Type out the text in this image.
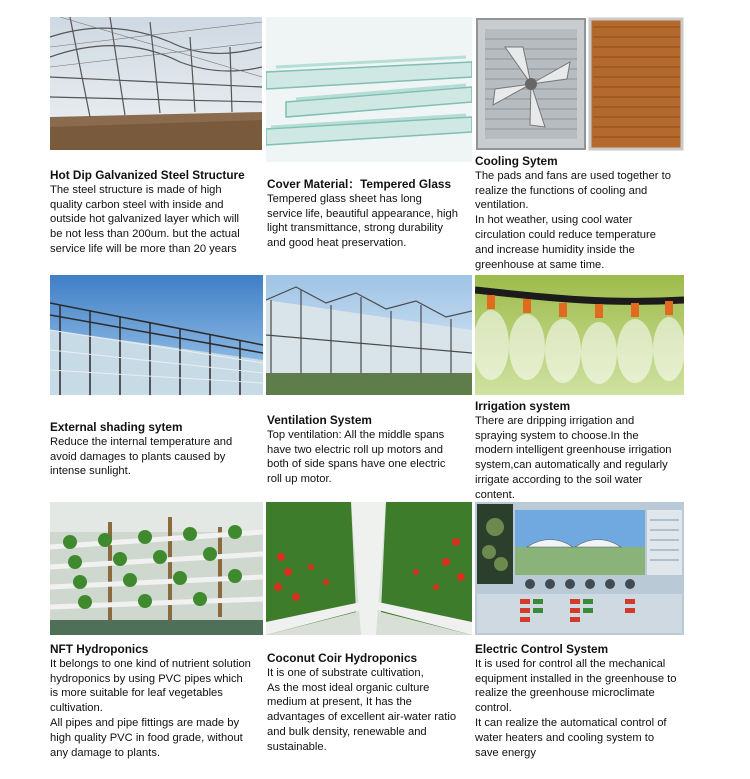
Hot Dip Galvanized Steel Structure
The steel structure is made of high
quality carbon steel with inside and
outside hot galvanized layer which will
be not less than 200um. but the actual
service life will be more than 20 years
Cover Material：Tempered Glass
Tempered glass sheet has long
service life, beautiful appearance, high
light transmittance, strong durability
and good heat preservation.
Cooling Sytem
The pads and fans are used together to
realize the functions of cooling and
ventilation.
In hot weather, using cool water
circulation could reduce temperature
and increase humidity inside the
greenhouse at same time.
External shading sytem
Reduce the internal temperature and
avoid damages to plants caused by
intense sunlight.
Ventilation System
Top ventilation: All the middle spans
have two electric roll up motors and
both of side spans have one electric
roll up motor.
Irrigation system
There are dripping irrigation and
spraying system to choose.In the
modern intelligent greenhouse irrigation
system,can automatically and regularly
irrigate according to the soil water
content.
NFT Hydroponics
It belongs to one kind of nutrient solution
hydroponics by using PVC pipes which
is more suitable for leaf vegetables
cultivation.
All pipes and pipe fittings are made by
high quality PVC in food grade, without
any damage to plants.
Coconut Coir Hydroponics
It is one of substrate cultivation,
As the most ideal organic culture
medium at present, It has the
advantages of excellent air-water ratio
and bulk density, renewable and
sustainable.
Electric Control System
It is used for control all the mechanical
equipment installed in the greenhouse to
realize the greenhouse microclimate
control.
It can realize the automatical control of
water heaters and cooling system to
save energy
